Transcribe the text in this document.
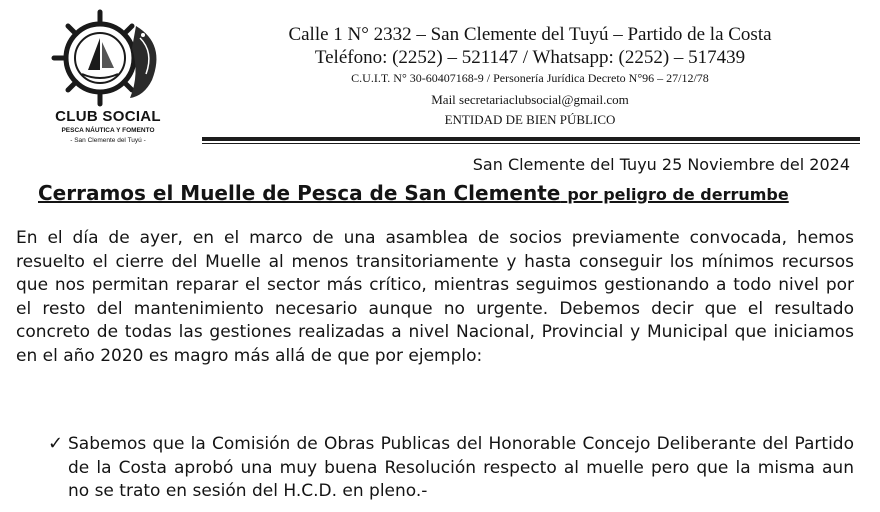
CLUB SOCIAL
PESCA NÁUTICA Y FOMENTO
- San Clemente del Tuyú -
Calle 1 N° 2332 – San Clemente del Tuyú – Partido de la Costa
Teléfono: (2252) – 521147 / Whatsapp: (2252) – 517439
C.U.I.T. N° 30-60407168-9 / Personería Jurídica Decreto N°96 – 27/12/78
Mail secretariaclubsocial@gmail.com
ENTIDAD DE BIEN PÚBLICO
San Clemente del Tuyu 25 Noviembre del 2024
Cerramos el Muelle de Pesca de San Clemente por peligro de derrumbe

En el día de ayer, en el marco de una asamblea de socios previamente convocada, hemos resuelto el cierre del Muelle al menos transitoriamente y hasta conseguir los mínimos recursos que nos permitan reparar el sector más crítico, mientras seguimos gestionando a todo nivel por el resto del mantenimiento necesario aunque no urgente. Debemos decir que el resultado concreto de todas las gestiones realizadas a nivel Nacional, Provincial y Municipal que iniciamos en el año 2020 es magro más allá de que por ejemplo:

✓ Sabemos que la Comisión de Obras Publicas del Honorable Concejo Deliberante del Partido de la Costa aprobó una muy buena Resolución respecto al muelle pero que la misma aun no se trato en sesión del H.C.D. en pleno.-
